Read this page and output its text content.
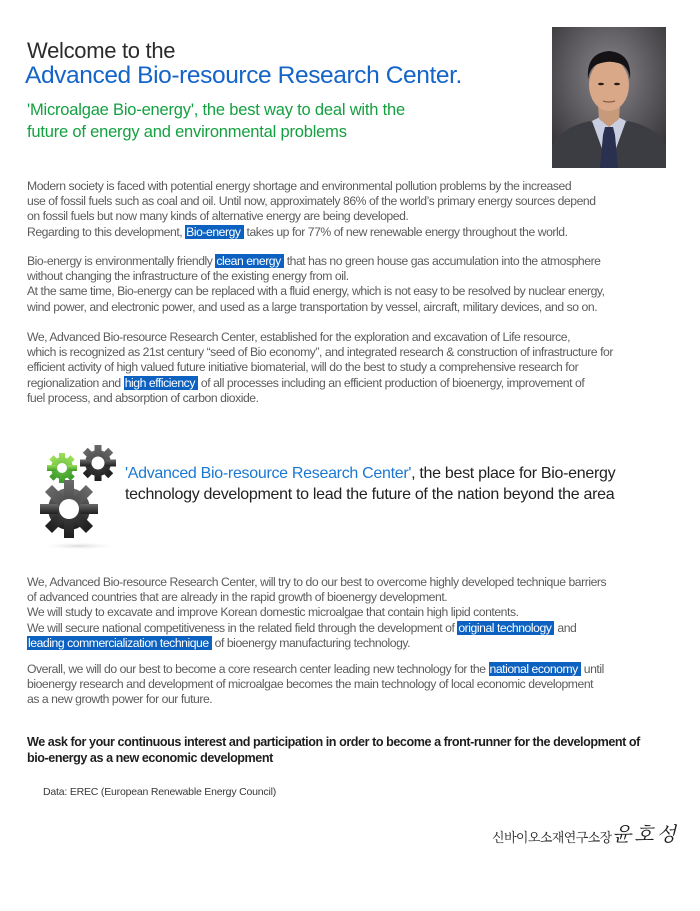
Welcome to the
Advanced Bio-resource Research Center.
'Microalgae Bio-energy', the best way to deal with the
future of energy and environmental problems

Modern society is faced with potential energy shortage and environmental pollution problems by the increased

use of fossil fuels such as coal and oil. Until now, approximately 86% of the world’s primary energy sources depend

on fossil fuels but now many kinds of alternative energy are being developed.

Regarding to this development, Bio-energy takes up for 77% of new renewable energy throughout the world.

Bio-energy is environmentally friendly clean energy that has no green house gas accumulation into the atmosphere

without changing the infrastructure of the existing energy from oil.

At the same time, Bio-energy can be replaced with a fluid energy, which is not easy to be resolved by nuclear energy,

wind power, and electronic power, and used as a large transportation by vessel, aircraft, military devices, and so on.

We, Advanced Bio-resource Research Center, established for the exploration and excavation of Life resource,

which is recognized as 21st century “seed of Bio economy”, and integrated research & construction of infrastructure for

efficient activity of high valued future initiative biomaterial, will do the best to study a comprehensive research for

regionalization and high efficiency of all processes including an efficient production of bioenergy, improvement of

fuel process, and absorption of carbon dioxide.

'Advanced Bio-resource Research Center', the best place for Bio-energy
technology development to lead the future of the nation beyond the area

We, Advanced Bio-resource Research Center, will try to do our best to overcome highly developed technique barriers

of advanced countries that are already in the rapid growth of bioenergy development.

We will study to excavate and improve Korean domestic microalgae that contain high lipid contents.

We will secure national competitiveness in the related field through the development of original technology and

leading commercialization technique of bioenergy manufacturing technology.

Overall, we will do our best to become a core research center leading new technology for the national economy until

bioenergy research and development of microalgae becomes the main technology of local economic development

as a new growth power for our future.

We ask for your continuous interest and participation in order to become a front-runner for the development of
bio-energy as a new economic development
Data: EREC (European Renewable Energy Council)
신바이오소재연구소장 윤호성
